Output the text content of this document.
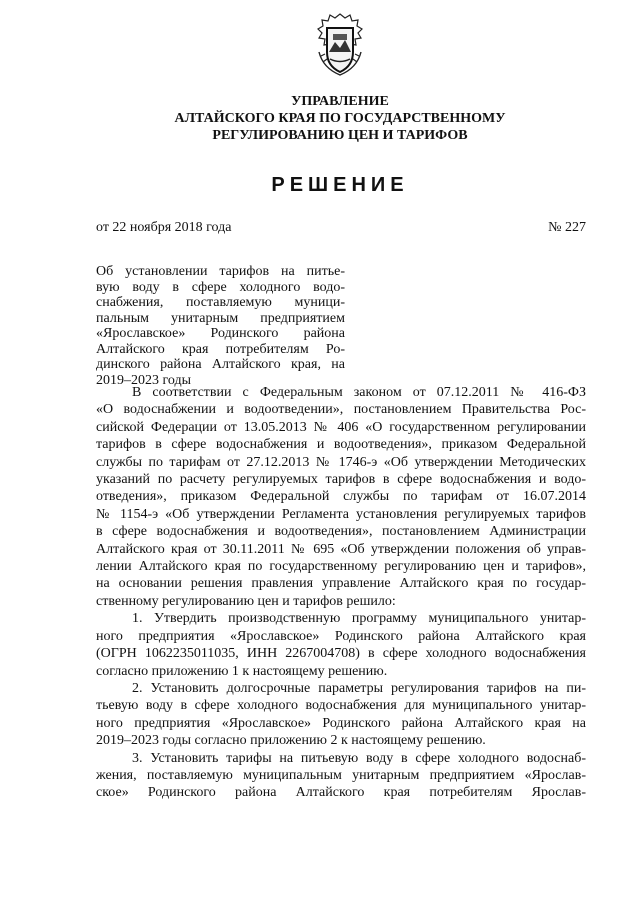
УПРАВЛЕНИЕ
АЛТАЙСКОГО КРАЯ ПО ГОСУДАРСТВЕННОМУ
РЕГУЛИРОВАНИЮ ЦЕН И ТАРИФОВ
РЕШЕНИЕ
от 22 ноября 2018 года	№ 227
Об установлении тарифов на питье-
вую воду в сфере холодного водо-
снабжения, поставляемую муници-
пальным унитарным предприятием
«Ярославское» Родинского района
Алтайского края потребителям Ро-
динского района Алтайского края, на
2019–2023 годы
В соответствии с Федеральным законом от 07.12.2011 № 416-ФЗ
«О водоснабжении и водоотведении», постановлением Правительства Рос-
сийской Федерации от 13.05.2013 № 406 «О государственном регулировании
тарифов в сфере водоснабжения и водоотведения», приказом Федеральной
службы по тарифам от 27.12.2013 № 1746-э «Об утверждении Методических
указаний по расчету регулируемых тарифов в сфере водоснабжения и водо-
отведения», приказом Федеральной службы по тарифам от 16.07.2014
№ 1154-э «Об утверждении Регламента установления регулируемых тарифов
в сфере водоснабжения и водоотведения», постановлением Администрации
Алтайского края от 30.11.2011 № 695 «Об утверждении положения об управ-
лении Алтайского края по государственному регулированию цен и тарифов»,
на основании решения правления управление Алтайского края по государ-
ственному регулированию цен и тарифов решило:
1. Утвердить производственную программу муниципального унитар-
ного предприятия «Ярославское» Родинского района Алтайского края
(ОГРН 1062235011035, ИНН 2267004708) в сфере холодного водоснабжения
согласно приложению 1 к настоящему решению.
2. Установить долгосрочные параметры регулирования тарифов на пи-
тьевую воду в сфере холодного водоснабжения для муниципального унитар-
ного предприятия «Ярославское» Родинского района Алтайского края на
2019–2023 годы согласно приложению 2 к настоящему решению.
3. Установить тарифы на питьевую воду в сфере холодного водоснаб-
жения, поставляемую муниципальным унитарным предприятием «Ярослав-
ское» Родинского района Алтайского края потребителям Ярослав-
